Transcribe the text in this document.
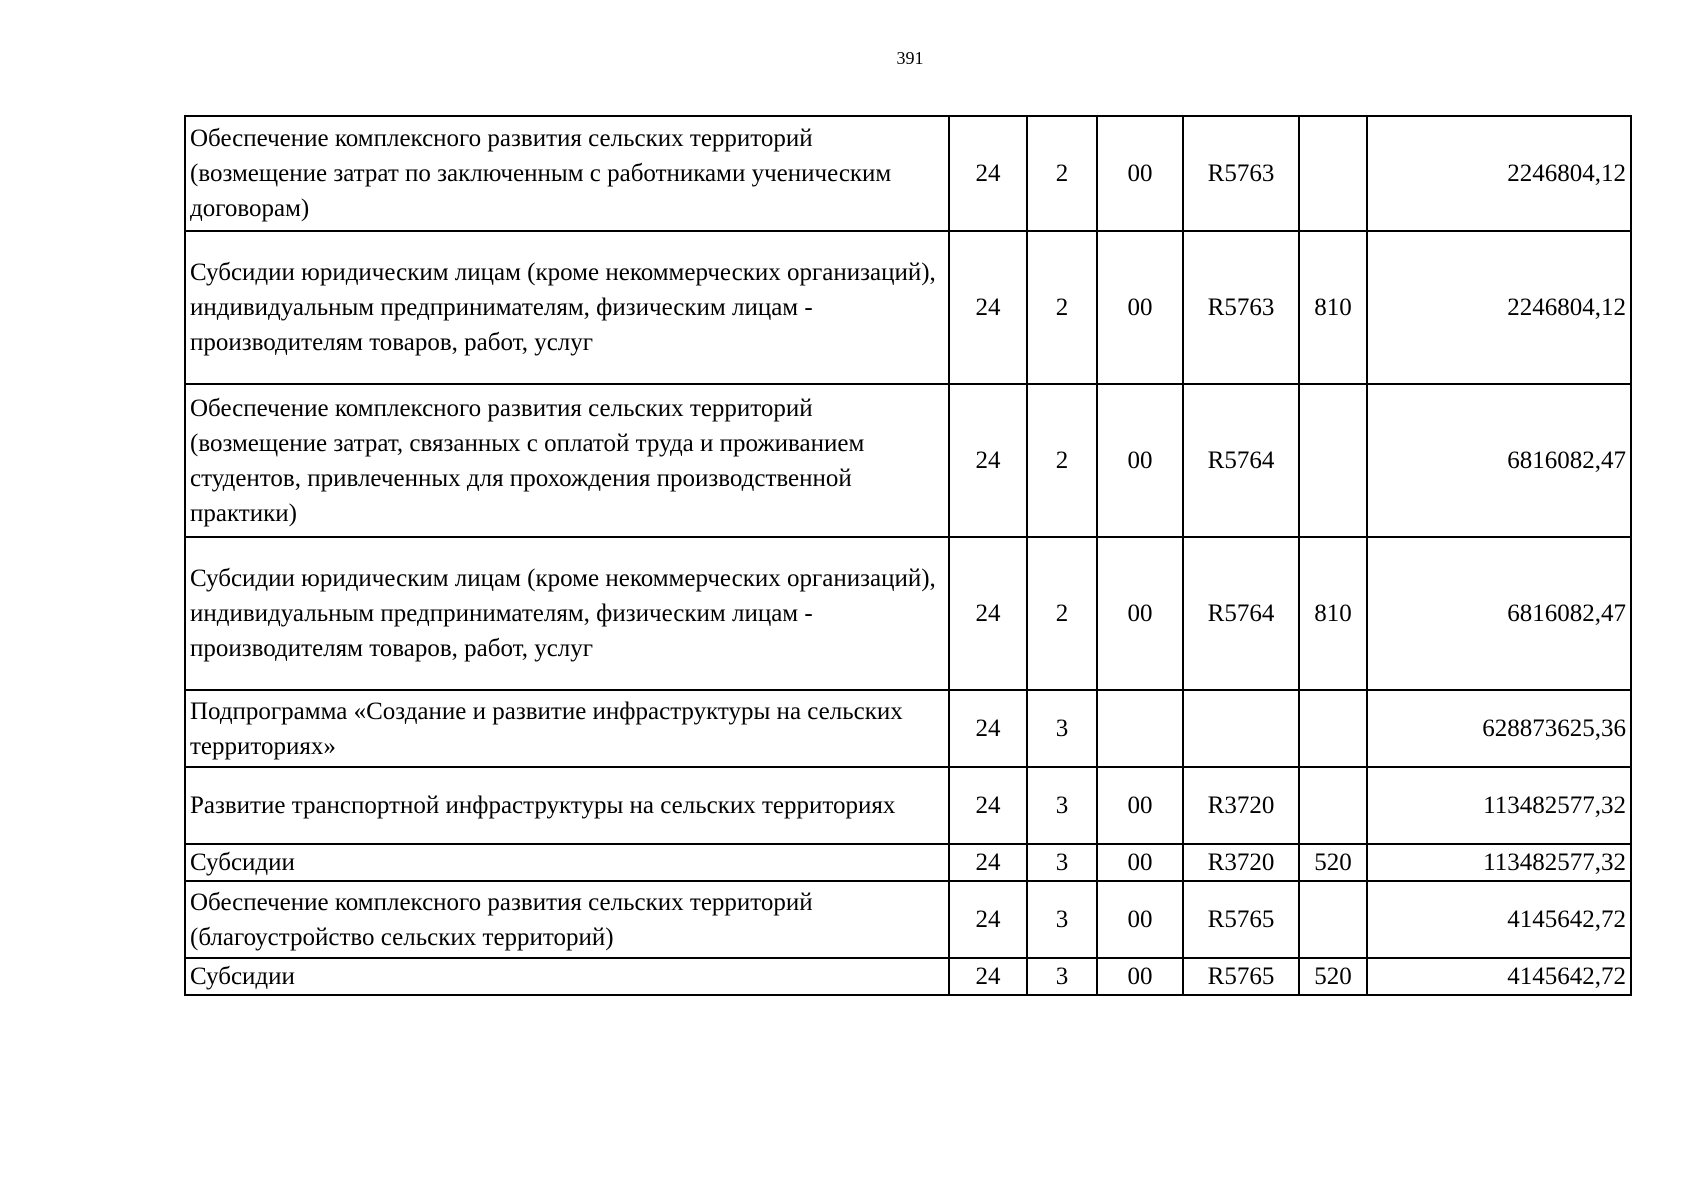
391
Обеспечение комплексного развития сельских территорий (возмещение затрат по заключенным с работниками ученическим договорам)	24	2	00	R5763		2246804,12
Субсидии юридическим лицам (кроме некоммерческих организаций), индивидуальным предпринимателям, физическим лицам - производителям товаров, работ, услуг	24	2	00	R5763	810	2246804,12
Обеспечение комплексного развития сельских территорий (возмещение затрат, связанных с оплатой труда и проживанием студентов, привлеченных для прохождения производственной практики)	24	2	00	R5764		6816082,47
Субсидии юридическим лицам (кроме некоммерческих организаций), индивидуальным предпринимателям, физическим лицам - производителям товаров, работ, услуг	24	2	00	R5764	810	6816082,47
Подпрограмма «Создание и развитие инфраструктуры на сельских территориях»	24	3				628873625,36
Развитие транспортной инфраструктуры на сельских территориях	24	3	00	R3720		113482577,32
Субсидии	24	3	00	R3720	520	113482577,32
Обеспечение комплексного развития сельских территорий (благоустройство сельских территорий)	24	3	00	R5765		4145642,72
Субсидии	24	3	00	R5765	520	4145642,72
